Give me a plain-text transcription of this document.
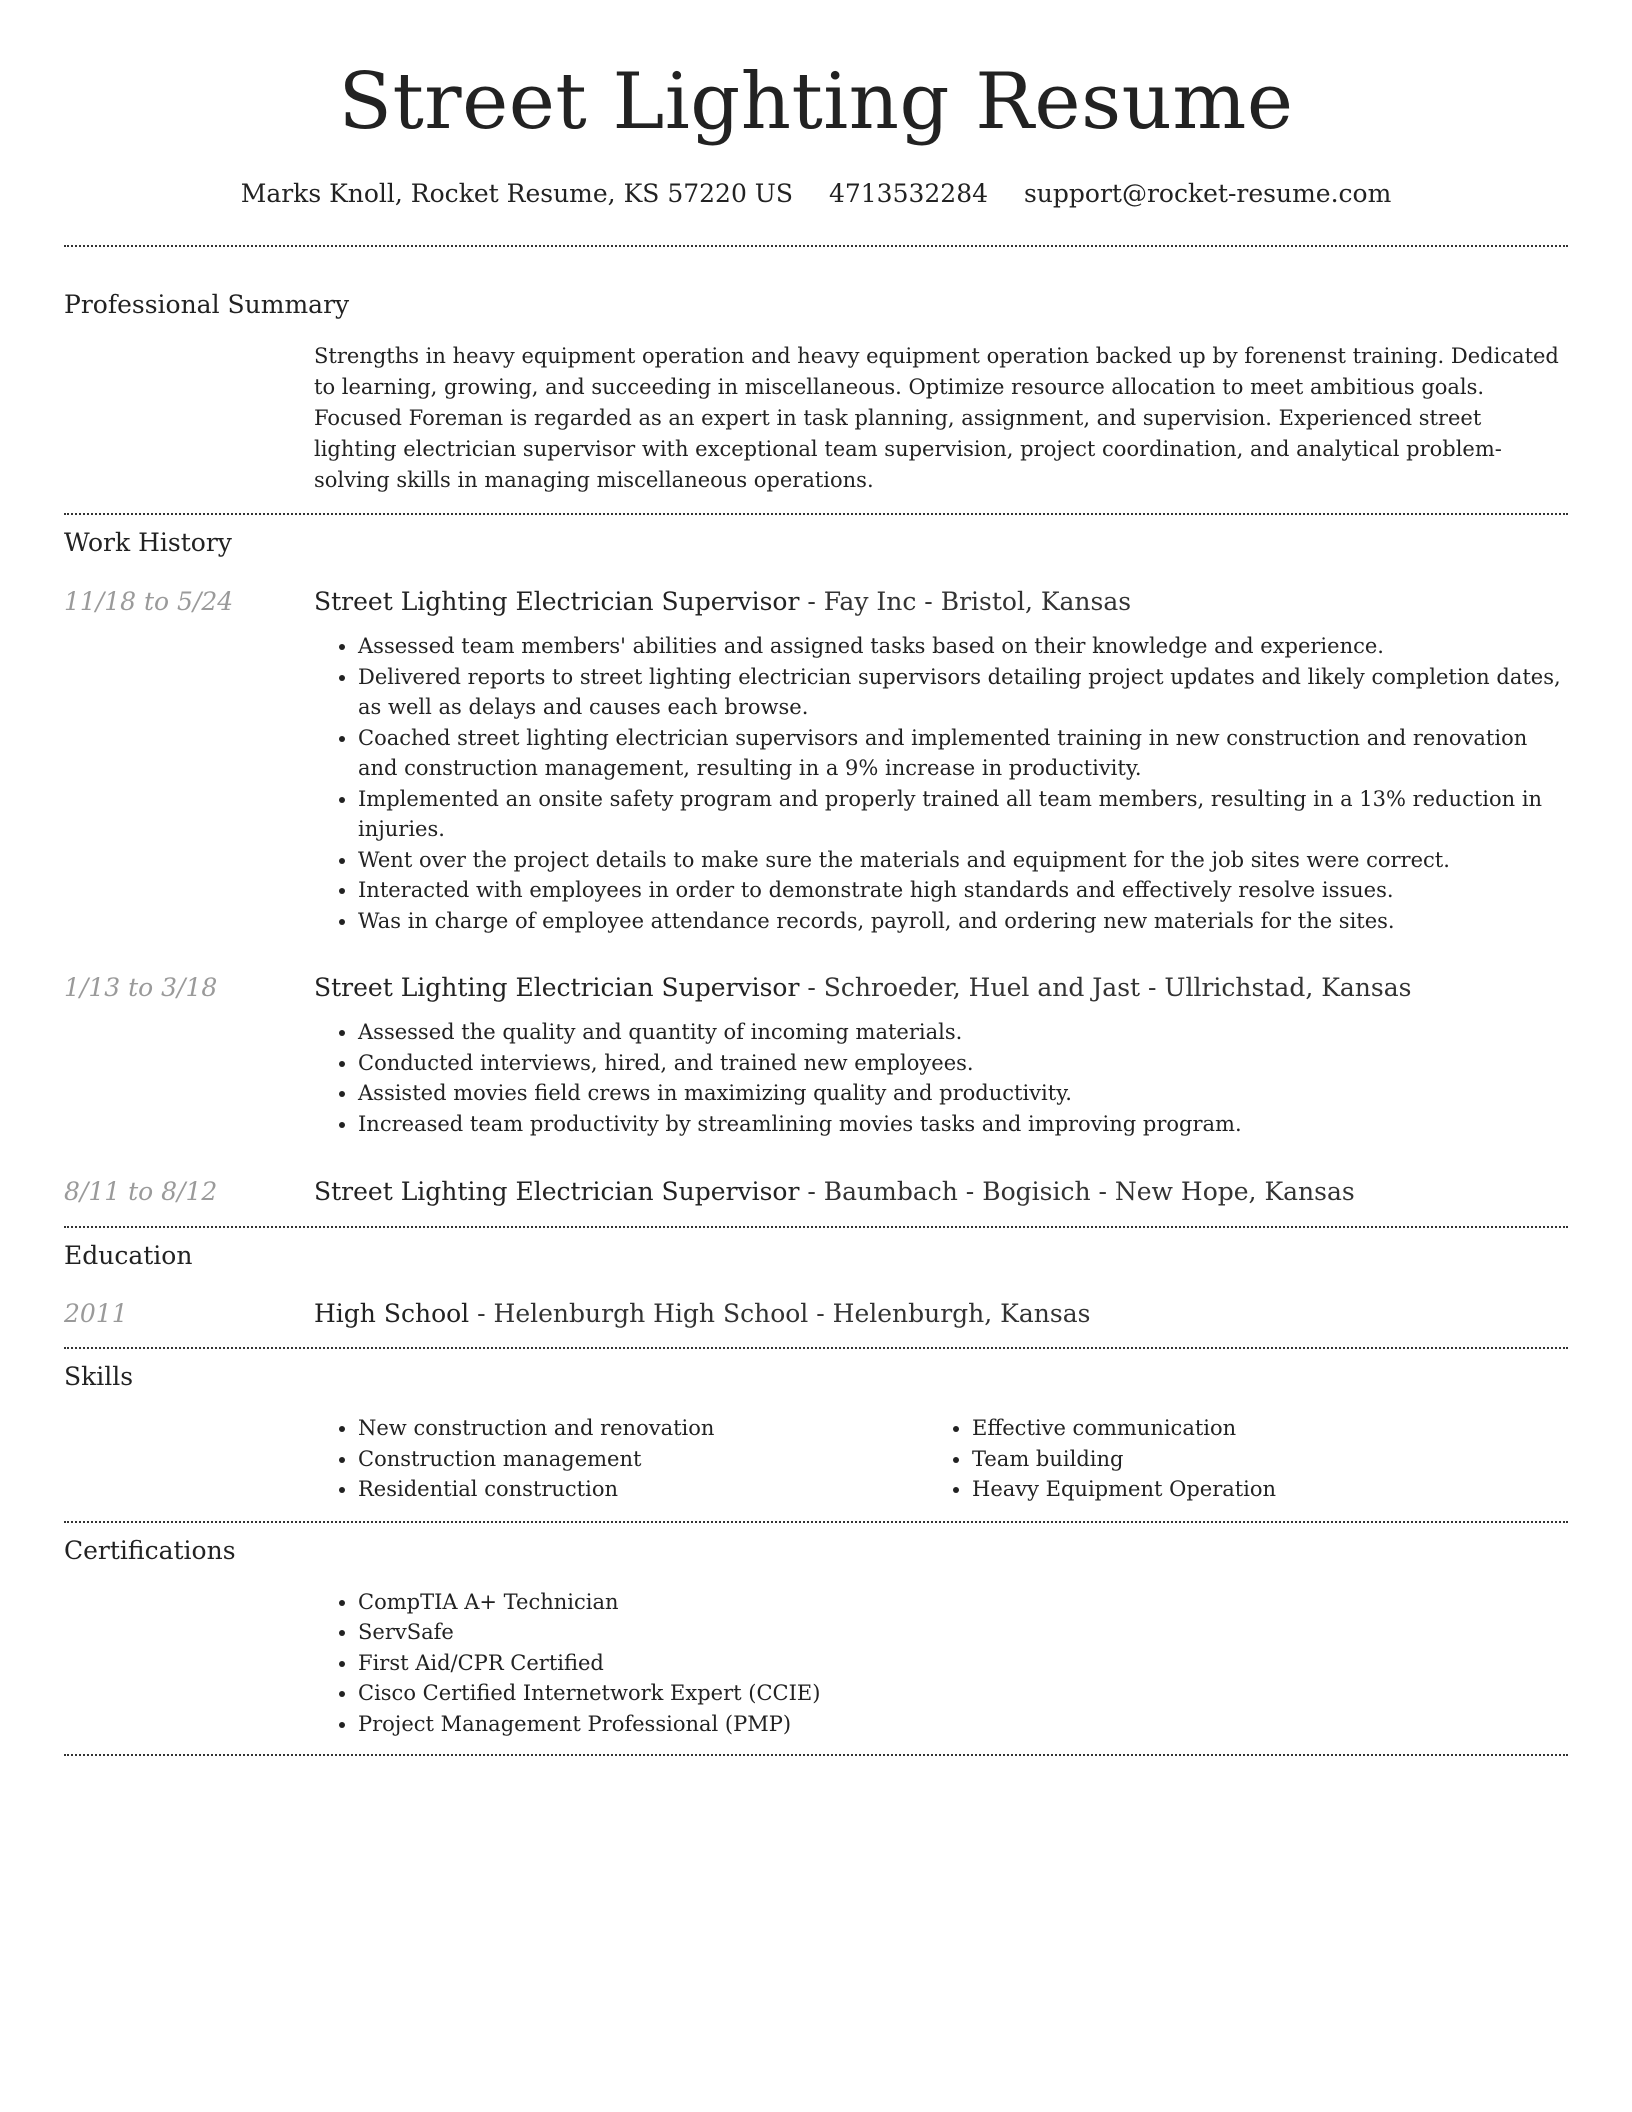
Street Lighting Resume
Marks Knoll, Rocket Resume, KS 57220 US 4713532284 support@rocket-resume.com
Professional Summary
Strengths in heavy equipment operation and heavy equipment operation backed up by forenenst training. Dedicated to learning, growing, and succeeding in miscellaneous. Optimize resource allocation to meet ambitious goals. Focused Foreman is regarded as an expert in task planning, assignment, and supervision. Experienced street lighting electrician supervisor with exceptional team supervision, project coordination, and analytical problem-solving skills in managing miscellaneous operations.
Work History
11/18 to 5/24	Street Lighting Electrician Supervisor - Fay Inc - Bristol, Kansas
• Assessed team members' abilities and assigned tasks based on their knowledge and experience.
• Delivered reports to street lighting electrician supervisors detailing project updates and likely completion dates, as well as delays and causes each browse.
• Coached street lighting electrician supervisors and implemented training in new construction and renovation and construction management, resulting in a 9% increase in productivity.
• Implemented an onsite safety program and properly trained all team members, resulting in a 13% reduction in injuries.
• Went over the project details to make sure the materials and equipment for the job sites were correct.
• Interacted with employees in order to demonstrate high standards and effectively resolve issues.
• Was in charge of employee attendance records, payroll, and ordering new materials for the sites.
1/13 to 3/18	Street Lighting Electrician Supervisor - Schroeder, Huel and Jast - Ullrichstad, Kansas
• Assessed the quality and quantity of incoming materials.
• Conducted interviews, hired, and trained new employees.
• Assisted movies field crews in maximizing quality and productivity.
• Increased team productivity by streamlining movies tasks and improving program.
8/11 to 8/12	Street Lighting Electrician Supervisor - Baumbach - Bogisich - New Hope, Kansas
Education
2011	High School - Helenburgh High School - Helenburgh, Kansas
Skills
• New construction and renovation
• Construction management
• Residential construction
• Effective communication
• Team building
• Heavy Equipment Operation
Certifications
• CompTIA A+ Technician
• ServSafe
• First Aid/CPR Certified
• Cisco Certified Internetwork Expert (CCIE)
• Project Management Professional (PMP)
